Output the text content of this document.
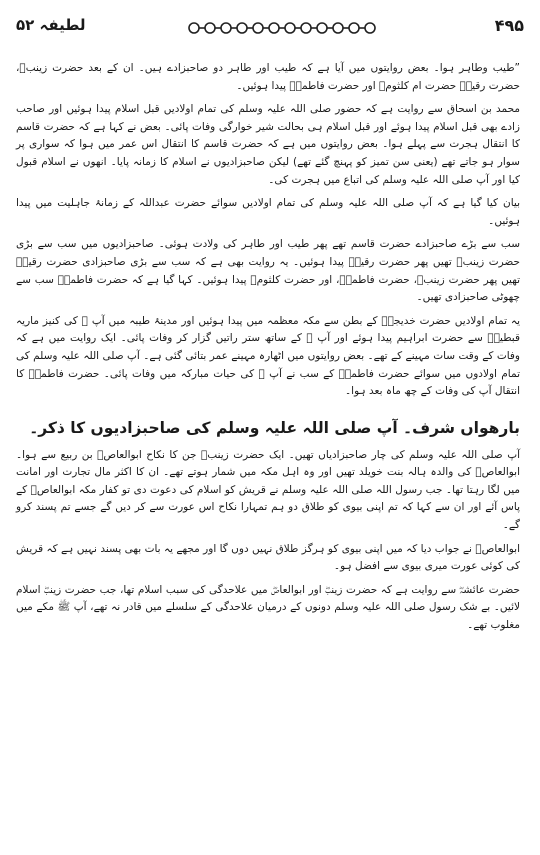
لطیفہ ۵۲	۴۹۵

”طیب وطاہر ہوا۔ بعض روایتوں میں آیا ہے کہ طیب اور طاہر دو صاحبزادے ہیں۔ ان کے بعد حضرت زینبؓ، حضرت رقیہؓ حضرت ام کلثومؓ اور حضرت فاطمہؓ پیدا ہوئیں۔

محمد بن اسحاق سے روایت ہے کہ حضور صلی اللہ علیہ وسلم کی تمام اولادیں قبل اسلام پیدا ہوئیں اور صاحب زادے بھی قبل اسلام پیدا ہوئے اور قبل اسلام ہی بحالت شیر خوارگی وفات پائی۔ بعض نے کہا ہے کہ حضرت قاسم کا انتقال ہجرت سے پہلے ہوا۔ بعض روایتوں میں ہے کہ حضرت قاسم کا انتقال اس عمر میں ہوا کہ سواری پر سوار ہو جاتے تھے (یعنی سن تمیز کو پہنچ گئے تھے) لیکن صاحبزادیوں نے اسلام کا زمانہ پایا۔ انھوں نے اسلام قبول کیا اور آپ صلی اللہ علیہ وسلم کی اتباع میں ہجرت کی۔

بیان کیا گیا ہے کہ آپ صلی اللہ علیہ وسلم کی تمام اولادیں سوائے حضرت عبداللہ کے زمانۂ جاہلیت میں پیدا ہوئیں۔

سب سے بڑے صاحبزادے حضرت قاسم تھے پھر طیب اور طاہر کی ولادت ہوئی۔ صاحبزادیوں میں سب سے بڑی حضرت زینبؓ تھیں پھر حضرت رقیہؓ پیدا ہوئیں۔ یہ روایت بھی ہے کہ سب سے بڑی صاحبزادی حضرت رقیہؓ تھیں پھر حضرت زینبؓ، حضرت فاطمہؓ، اور حضرت کلثومؓ پیدا ہوئیں۔ کہا گیا ہے کہ حضرت فاطمہؓ سب سے چھوٹی صاحبزادی تھیں۔

یہ تمام اولادیں حضرت خدیجہؓ کے بطن سے مکہ معظمہ میں پیدا ہوئیں اور مدینۂ طیبہ میں آپ ﷺ کی کنیز ماریہ قبطیہؓ سے حضرت ابراہیم پیدا ہوئے اور آپ ﷺ کے ساتھ ستر راتیں گزار کر وفات پائی۔ ایک روایت میں ہے کہ وفات کے وقت سات مہینے کے تھے۔ بعض روایتوں میں اٹھارہ مہینے عمر بتائی گئی ہے۔ آپ صلی اللہ علیہ وسلم کی تمام اولادوں میں سوائے حضرت فاطمہؓ کے سب نے آپ ﷺ کی حیات مبارکہ میں وفات پائی۔ حضرت فاطمہؓ کا انتقال آپ کی وفات کے چھ ماہ بعد ہوا۔

بارھواں شرف۔ آپ صلی اللہ علیہ وسلم کی صاحبزادیوں کا ذکر۔

آپ صلی اللہ علیہ وسلم کی چار صاحبزادیاں تھیں۔ ایک حضرت زینبؓ جن کا نکاح ابوالعاصؓ بن ربیع سے ہوا۔ ابوالعاصؓ کی والدہ ہالہ بنت خویلد تھیں اور وہ اہل مکہ میں شمار ہوتے تھے۔ ان کا اکثر مال تجارت اور امانت میں لگا رہتا تھا۔ جب رسول اللہ صلی اللہ علیہ وسلم نے قریش کو اسلام کی دعوت دی تو کفار مکہ ابوالعاصؓ کے پاس آئے اور ان سے کہا کہ تم اپنی بیوی کو طلاق دو ہم تمہارا نکاح اس عورت سے کر دیں گے جسے تم پسند کرو گے۔

ابوالعاصؓ نے جواب دیا کہ میں اپنی بیوی کو ہرگز طلاق نہیں دوں گا اور مجھے یہ بات بھی پسند نہیں ہے کہ قریش کی کوئی عورت میری بیوی سے افضل ہو۔

حضرت عائشہؓ سے روایت ہے کہ حضرت زینبؓ اور ابوالعاصؓ میں علاحدگی کی سبب اسلام تھا، جب حضرت زینبؓ اسلام لائیں۔ بے شک رسول صلی اللہ علیہ وسلم دونوں کے درمیان علاحدگی کے سلسلے میں قادر نہ تھے، آپ ﷺ مکے میں مغلوب تھے۔
